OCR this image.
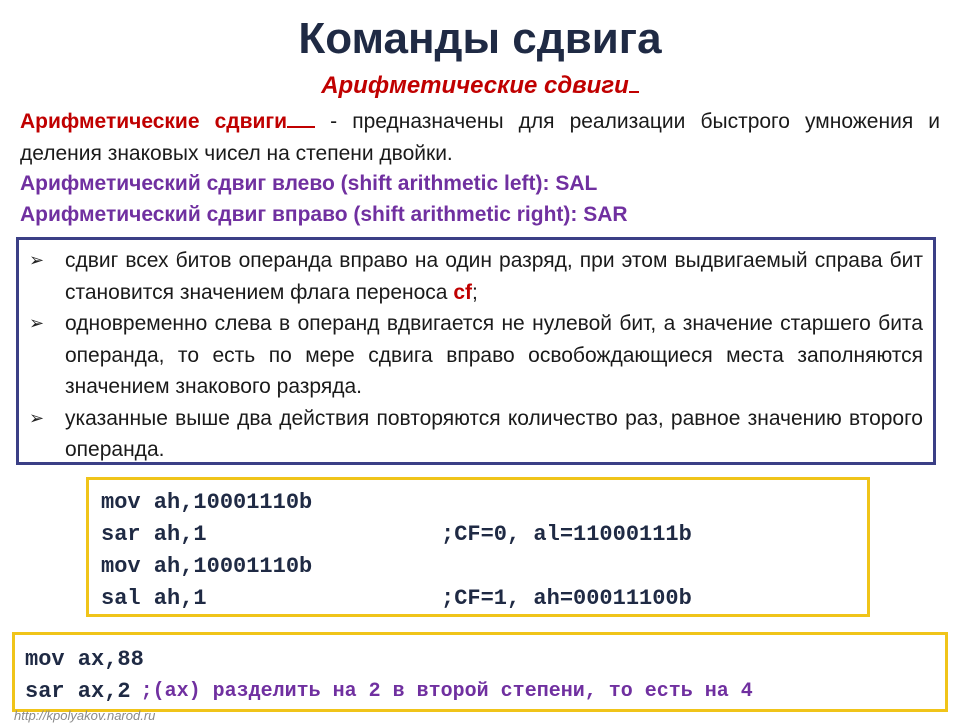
Команды сдвига
Арифметические сдвиги
Арифметические сдвиги - предназначены для реализации быстрого умножения и деления знаковых чисел на степени двойки.
Арифметический сдвиг влево (shift arithmetic left): SAL
Арифметический сдвиг вправо (shift arithmetic right): SAR
➢ сдвиг всех битов операнда вправо на один разряд, при этом выдвигаемый справа бит становится значением флага переноса cf;
➢ одновременно слева в операнд вдвигается не нулевой бит, а значение старшего бита операнда, то есть по мере сдвига вправо освобождающиеся места заполняются значением знакового разряда.
➢ указанные выше два действия повторяются количество раз, равное значению второго операнда.
mov ah,10001110b
sar ah,1	;CF=0, al=11000111b
mov ah,10001110b
sal ah,1	;CF=1, ah=00011100b
mov ax,88
sar ax,2 ;(ax) разделить на 2 в второй степени, то есть на 4
http://kpolyakov.narod.ru
